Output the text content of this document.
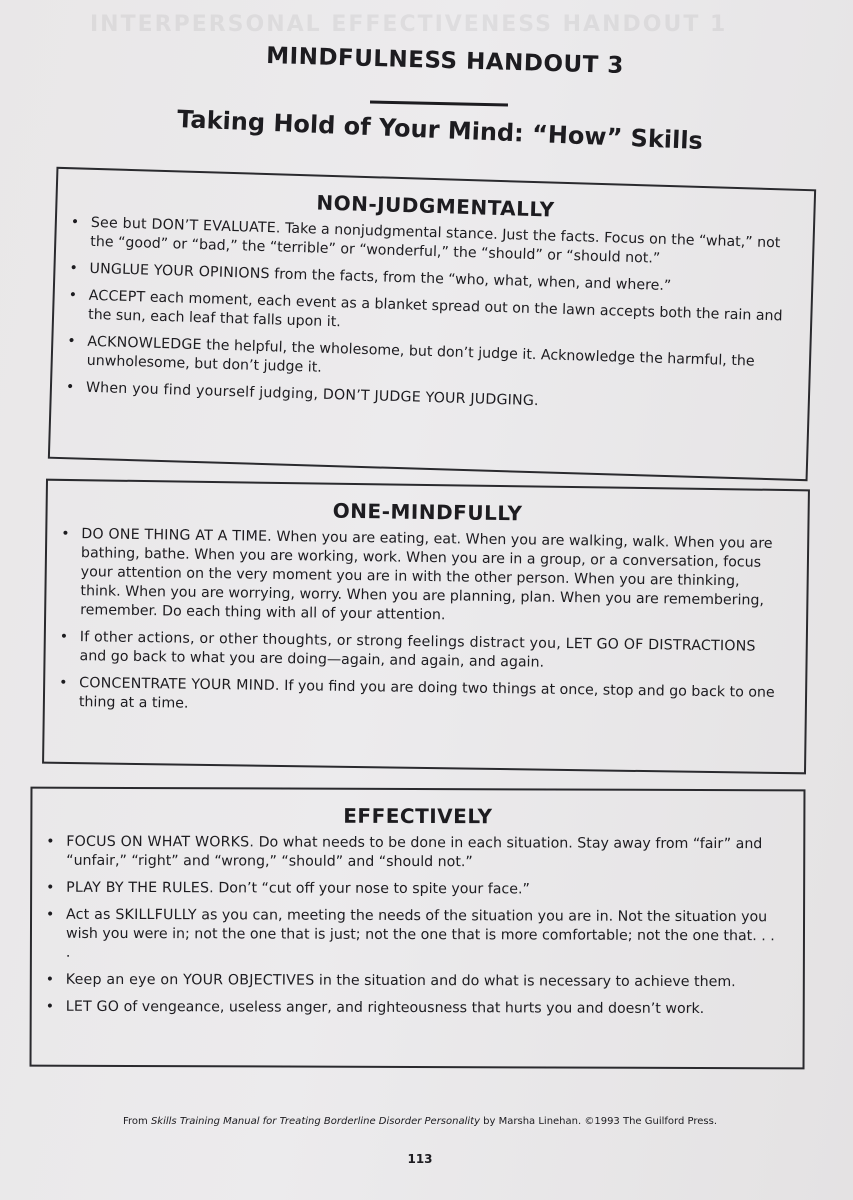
INTERPERSONAL EFFECTIVENESS HANDOUT 1
MINDFULNESS HANDOUT 3
Taking Hold of Your Mind: “How” Skills
NON-JUDGMENTALLY
• See but DON’T EVALUATE. Take a nonjudgmental stance. Just the facts. Focus on the “what,” not the “good” or “bad,” the “terrible” or “wonderful,” the “should” or “should not.”
• UNGLUE YOUR OPINIONS from the facts, from the “who, what, when, and where.”
• ACCEPT each moment, each event as a blanket spread out on the lawn accepts both the rain and the sun, each leaf that falls upon it.
• ACKNOWLEDGE the helpful, the wholesome, but don’t judge it. Acknowledge the harmful, the unwholesome, but don’t judge it.
• When you find yourself judging, DON’T JUDGE YOUR JUDGING.
ONE-MINDFULLY
• DO ONE THING AT A TIME. When you are eating, eat. When you are walking, walk. When you are bathing, bathe. When you are working, work. When you are in a group, or a conversation, focus your attention on the very moment you are in with the other person. When you are thinking, think. When you are worrying, worry. When you are planning, plan. When you are remembering, remember. Do each thing with all of your attention.
• If other actions, or other thoughts, or strong feelings distract you, LET GO OF DISTRACTIONS and go back to what you are doing—again, and again, and again.
• CONCENTRATE YOUR MIND. If you find you are doing two things at once, stop and go back to one thing at a time.
EFFECTIVELY
• FOCUS ON WHAT WORKS. Do what needs to be done in each situation. Stay away from “fair” and “unfair,” “right” and “wrong,” “should” and “should not.”
• PLAY BY THE RULES. Don’t “cut off your nose to spite your face.”
• Act as SKILLFULLY as you can, meeting the needs of the situation you are in. Not the situation you wish you were in; not the one that is just; not the one that is more comfortable; not the one that. . . .
• Keep an eye on YOUR OBJECTIVES in the situation and do what is necessary to achieve them.
• LET GO of vengeance, useless anger, and righteousness that hurts you and doesn’t work.
From Skills Training Manual for Treating Borderline Disorder Personality by Marsha Linehan. ©1993 The Guilford Press.
113
